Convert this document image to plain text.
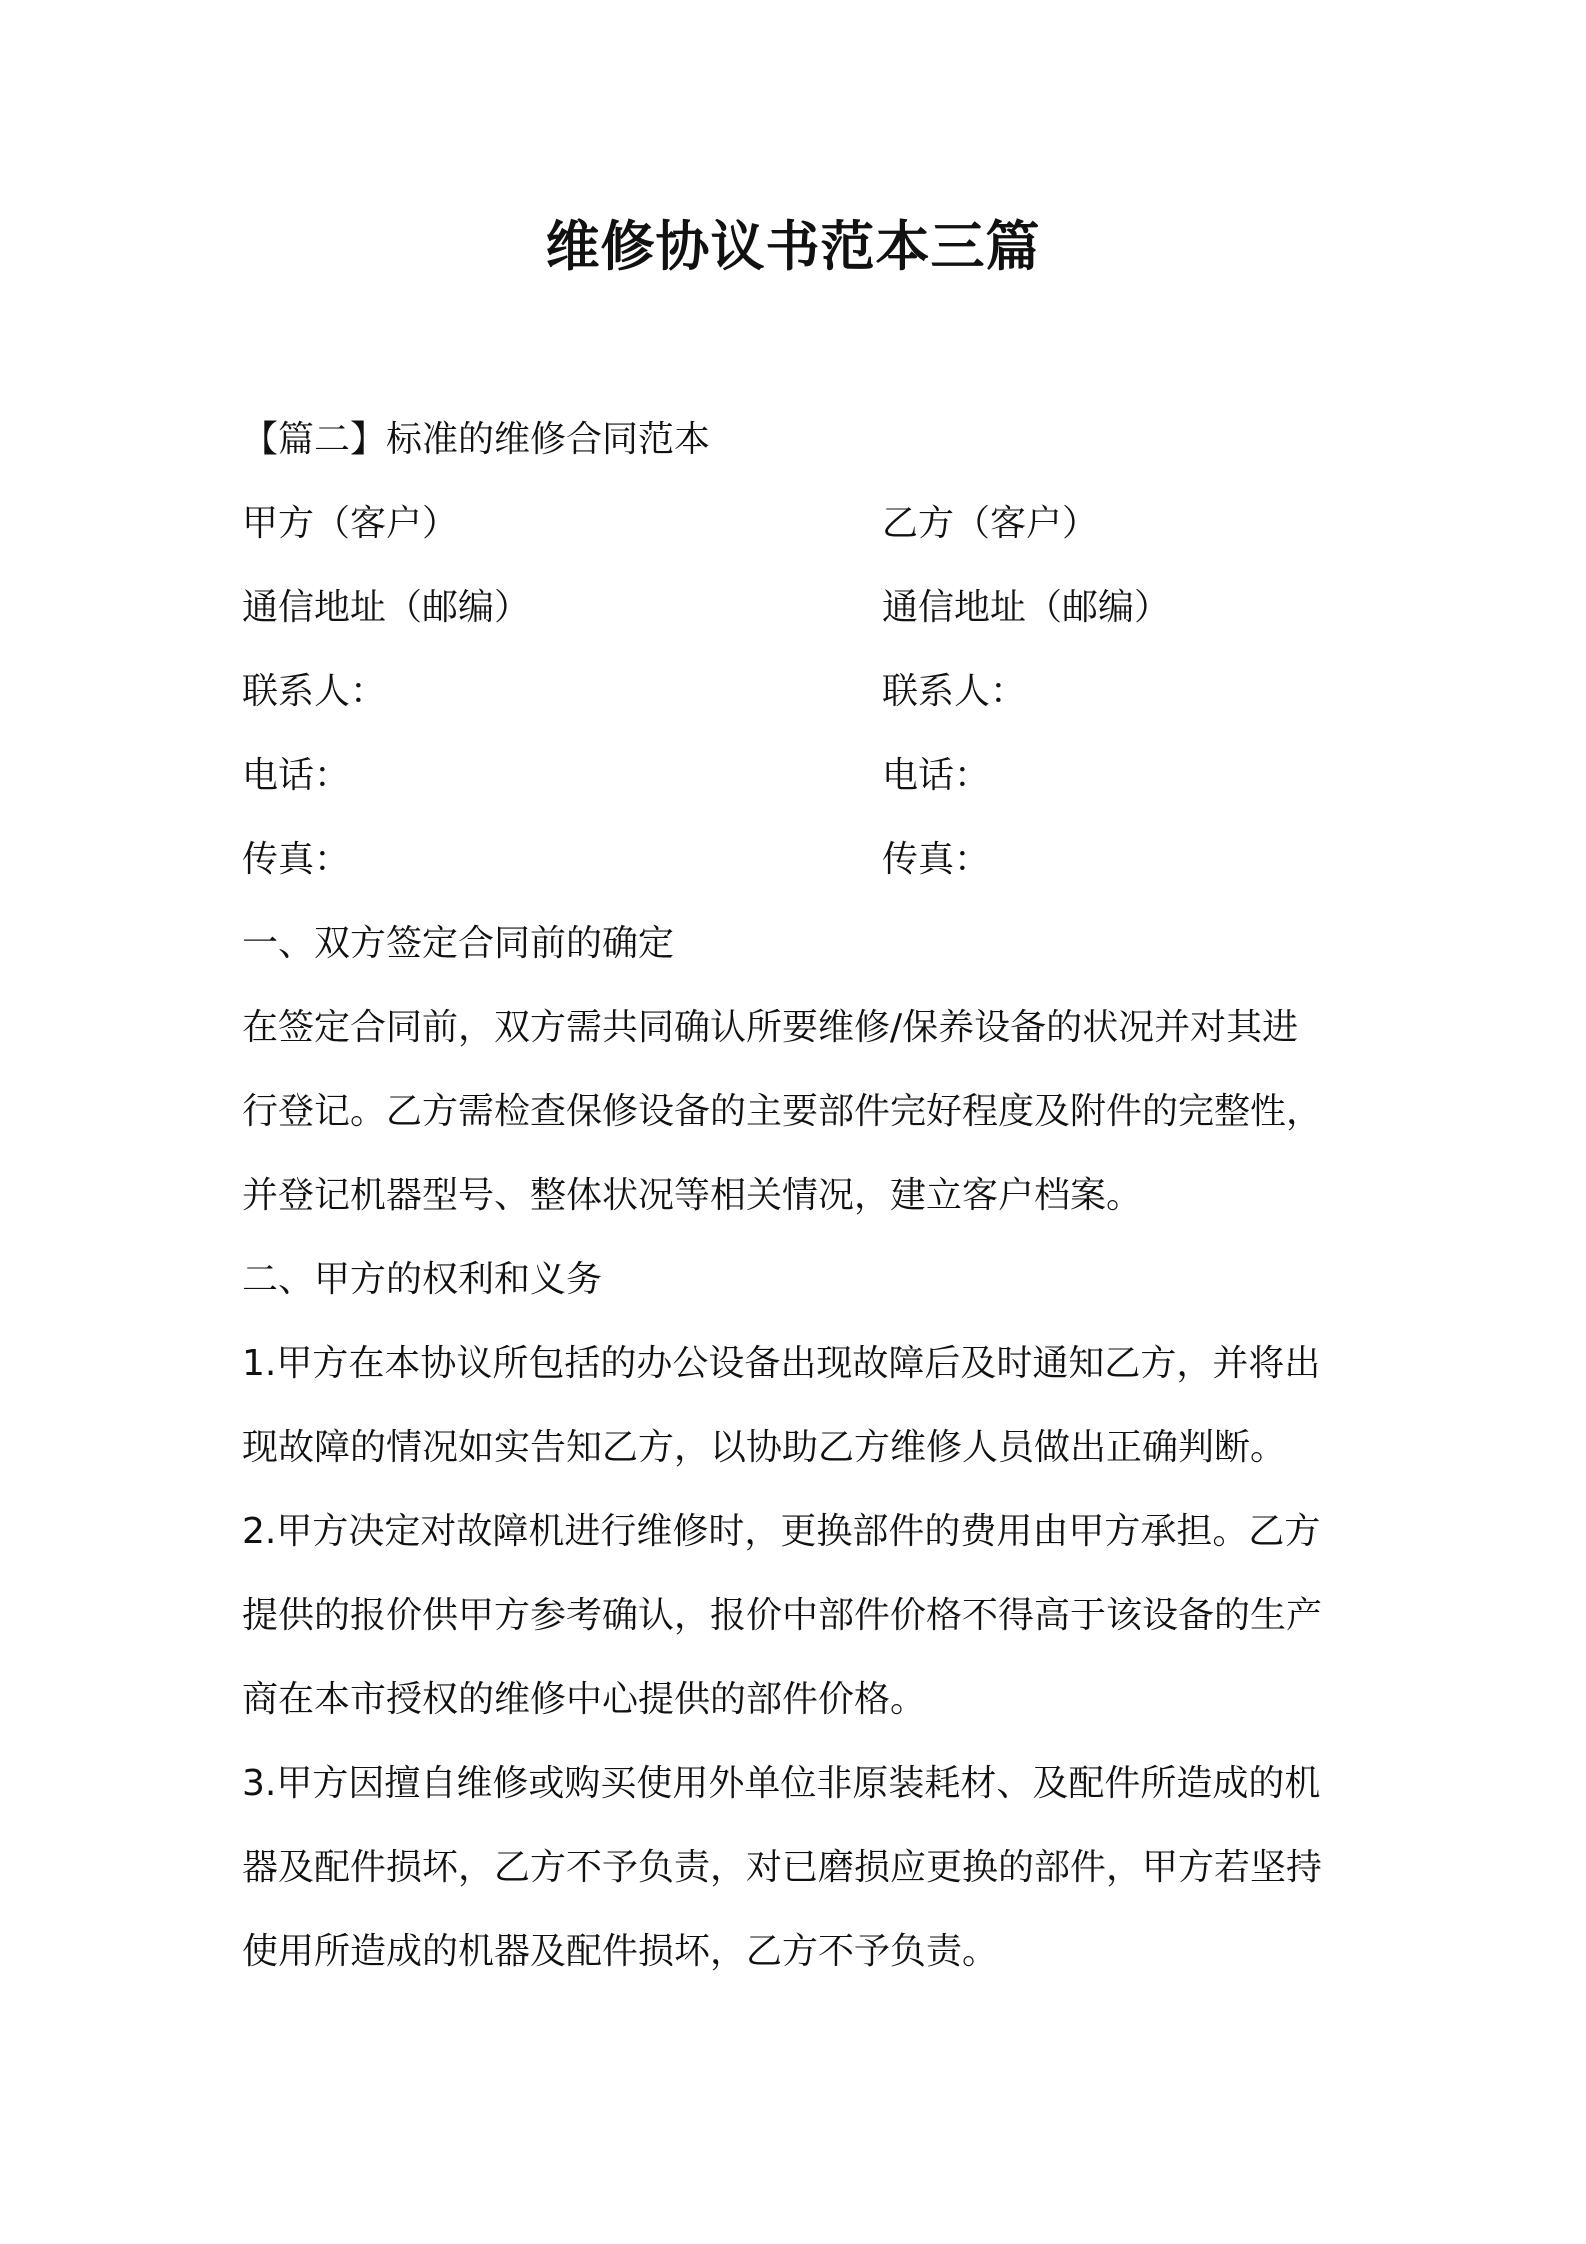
维修协议书范本三篇
【篇二】标准的维修合同范本
甲方（客户）	乙方（客户）
通信地址（邮编）	通信地址（邮编）
联系人：	联系人：
电话：	电话：
传真：	传真：
一、双方签定合同前的确定
在签定合同前，双方需共同确认所要维修/保养设备的状况并对其进
行登记。乙方需检查保修设备的主要部件完好程度及附件的完整性，
并登记机器型号、整体状况等相关情况，建立客户档案。
二、甲方的权利和义务
1.甲方在本协议所包括的办公设备出现故障后及时通知乙方，并将出
现故障的情况如实告知乙方，以协助乙方维修人员做出正确判断。
2.甲方决定对故障机进行维修时，更换部件的费用由甲方承担。乙方
提供的报价供甲方参考确认，报价中部件价格不得高于该设备的生产
商在本市授权的维修中心提供的部件价格。
3.甲方因擅自维修或购买使用外单位非原装耗材、及配件所造成的机
器及配件损坏，乙方不予负责，对已磨损应更换的部件，甲方若坚持
使用所造成的机器及配件损坏，乙方不予负责。
